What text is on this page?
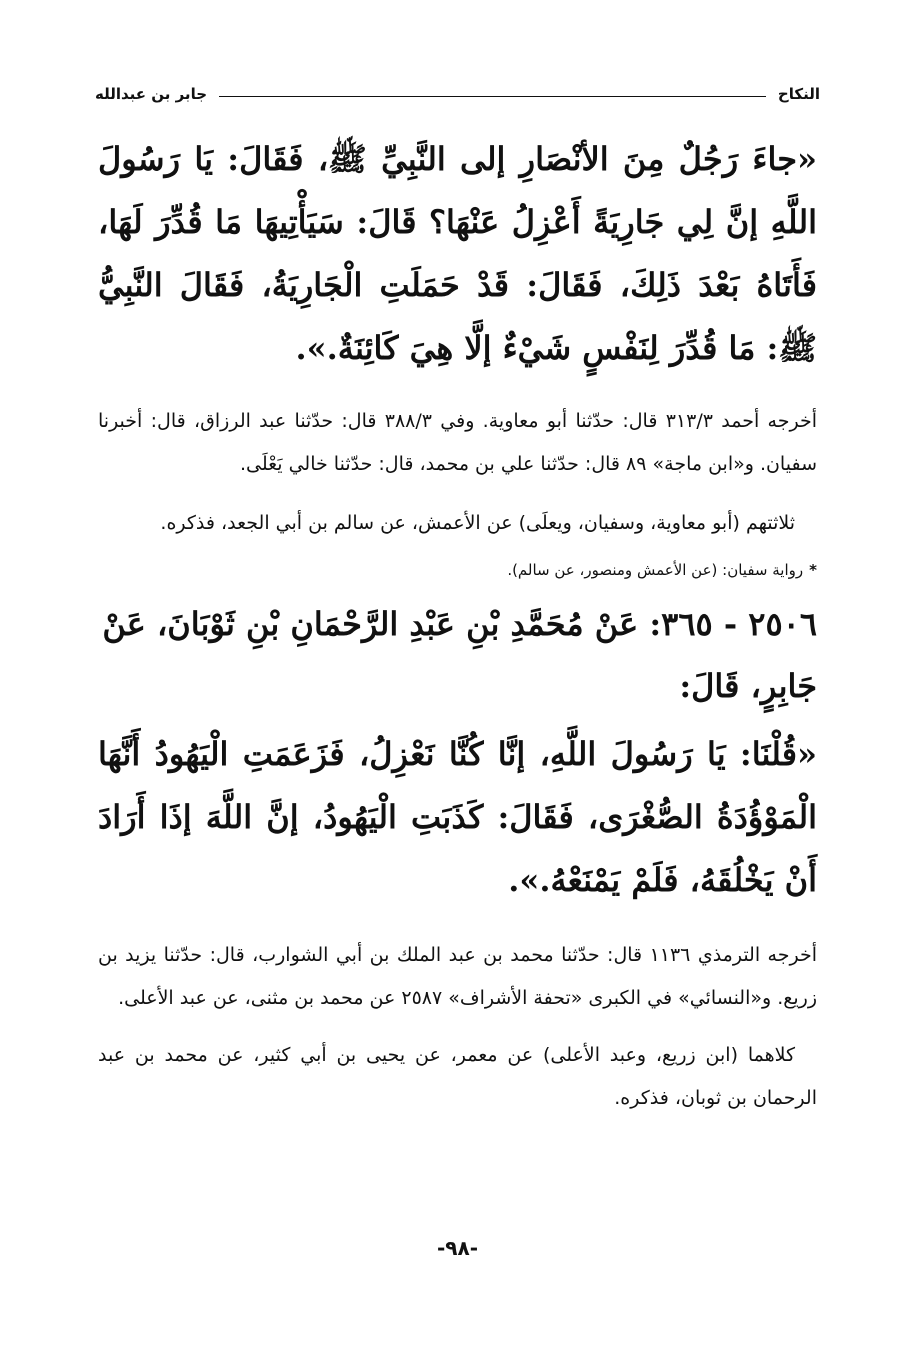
النكاح
جابر بن عبدالله

«جاءَ رَجُلٌ مِنَ الأنْصَارِ إلى النَّبِيِّ ﷺ، فَقَالَ: يَا رَسُولَ اللَّهِ إنَّ لِي جَارِيَةً أَعْزِلُ عَنْهَا؟ قَالَ: سَيَأْتِيهَا مَا قُدِّرَ لَهَا، فَأَتَاهُ بَعْدَ ذَلِكَ، فَقَالَ: قَدْ حَمَلَتِ الْجَارِيَةُ، فَقَالَ النَّبِيُّ ﷺ: مَا قُدِّرَ لِنَفْسٍ شَيْءٌ إلَّا هِيَ كَائِنَةٌ.».

أخرجه أحمد ٣١٣/٣ قال: حدّثنا أبو معاوية. وفي ٣٨٨/٣ قال: حدّثنا عبد الرزاق، قال: أخبرنا سفيان. و«ابن ماجة» ٨٩ قال: حدّثنا علي بن محمد، قال: حدّثنا خالي يَعْلَى.

ثلاثتهم (أبو معاوية، وسفيان، ويعلَى) عن الأعمش، عن سالم بن أبي الجعد، فذكره.

*رواية سفيان: (عن الأعمش ومنصور، عن سالم).

٢٥٠٦ - ٣٦٥: عَنْ مُحَمَّدِ بْنِ عَبْدِ الرَّحْمَانِ بْنِ ثَوْبَانَ، عَنْ جَابِرٍ، قَالَ:

«قُلْنَا: يَا رَسُولَ اللَّهِ، إنَّا كُنَّا نَعْزِلُ، فَزَعَمَتِ الْيَهُودُ أَنَّهَا الْمَوْؤُدَةُ الصُّغْرَى، فَقَالَ: كَذَبَتِ الْيَهُودُ، إنَّ اللَّهَ إذَا أَرَادَ أَنْ يَخْلُقَهُ، فَلَمْ يَمْنَعْهُ.».

أخرجه الترمذي ١١٣٦ قال: حدّثنا محمد بن عبد الملك بن أبي الشوارب، قال: حدّثنا يزيد بن زريع. و«النسائي» في الكبرى «تحفة الأشراف» ٢٥٨٧ عن محمد بن مثنى، عن عبد الأعلى.

كلاهما (ابن زريع، وعبد الأعلى) عن معمر، عن يحيى بن أبي كثير، عن محمد بن عبد الرحمان بن ثوبان، فذكره.

-٩٨-
